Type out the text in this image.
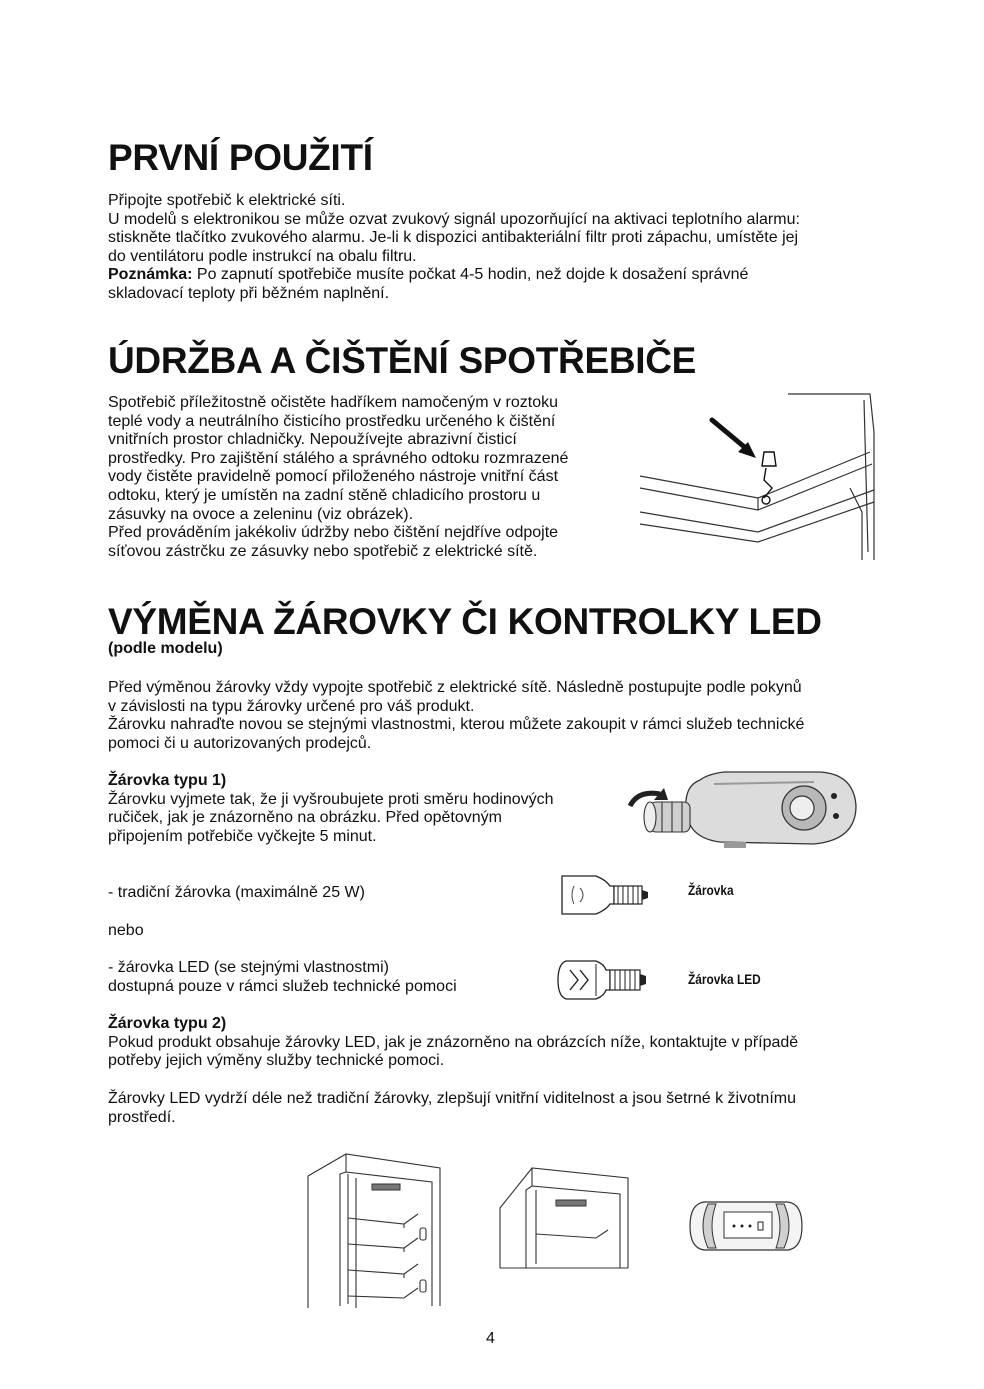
PRVNÍ POUŽITÍ
Připojte spotřebič k elektrické síti.
U modelů s elektronikou se může ozvat zvukový signál upozorňující na aktivaci teplotního alarmu:
stiskněte tlačítko zvukového alarmu. Je-li k dispozici antibakteriální filtr proti zápachu, umístěte jej
do ventilátoru podle instrukcí na obalu filtru.
Poznámka: Po zapnutí spotřebiče musíte počkat 4-5 hodin, než dojde k dosažení správné
skladovací teploty při běžném naplnění.
ÚDRŽBA A ČIŠTĚNÍ SPOTŘEBIČE
Spotřebič příležitostně očistěte hadříkem namočeným v roztoku
teplé vody a neutrálního čisticího prostředku určeného k čištění
vnitřních prostor chladničky. Nepoužívejte abrazivní čisticí
prostředky. Pro zajištění stálého a správného odtoku rozmrazené
vody čistěte pravidelně pomocí přiloženého nástroje vnitřní část
odtoku, který je umístěn na zadní stěně chladicího prostoru u
zásuvky na ovoce a zeleninu (viz obrázek).
Před prováděním jakékoliv údržby nebo čištění nejdříve odpojte
síťovou zástrčku ze zásuvky nebo spotřebič z elektrické sítě.
VÝMĚNA ŽÁROVKY ČI KONTROLKY LED
(podle modelu)
Před výměnou žárovky vždy vypojte spotřebič z elektrické sítě. Následně postupujte podle pokynů
v závislosti na typu žárovky určené pro váš produkt.
Žárovku nahraďte novou se stejnými vlastnostmi, kterou můžete zakoupit v rámci služeb technické
pomoci či u autorizovaných prodejců.
Žárovka typu 1)
Žárovku vyjmete tak, že ji vyšroubujete proti směru hodinových
ručiček, jak je znázorněno na obrázku. Před opětovným
připojením potřebiče vyčkejte 5 minut.
- tradiční žárovka (maximálně 25 W)
nebo
- žárovka LED (se stejnými vlastnostmi)
dostupná pouze v rámci služeb technické pomoci
Žárovka
Žárovka LED
Žárovka typu 2)
Pokud produkt obsahuje žárovky LED, jak je znázorněno na obrázcích níže, kontaktujte v případě
potřeby jejich výměny služby technické pomoci.
Žárovky LED vydrží déle než tradiční žárovky, zlepšují vnitřní viditelnost a jsou šetrné k životnímu
prostředí.
4
